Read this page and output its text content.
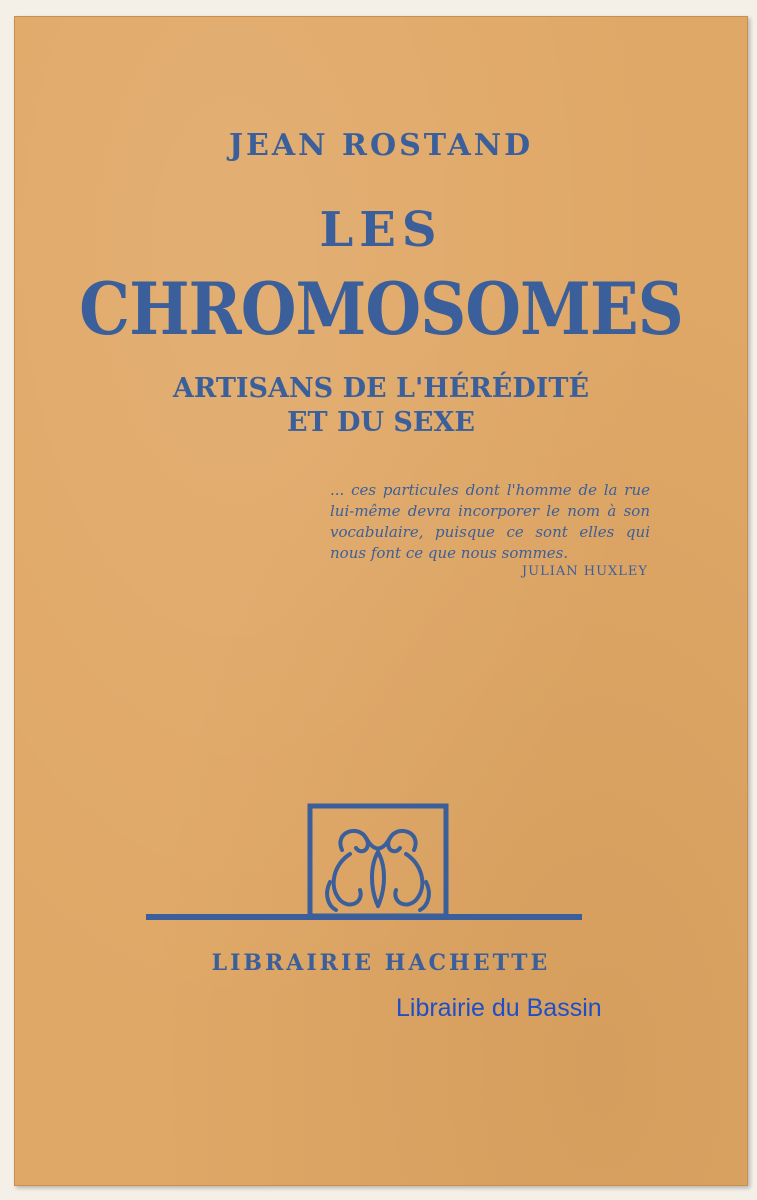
JEAN ROSTAND
LES
CHROMOSOMES
ARTISANS DE L'HÉRÉDITÉ
ET DU SEXE
... ces particules dont l'homme de la rue lui-même devra incorporer le nom à son vocabulaire, puisque ce sont elles qui nous font ce que nous sommes.
JULIAN HUXLEY
LIBRAIRIE HACHETTE
Librairie du Bassin
